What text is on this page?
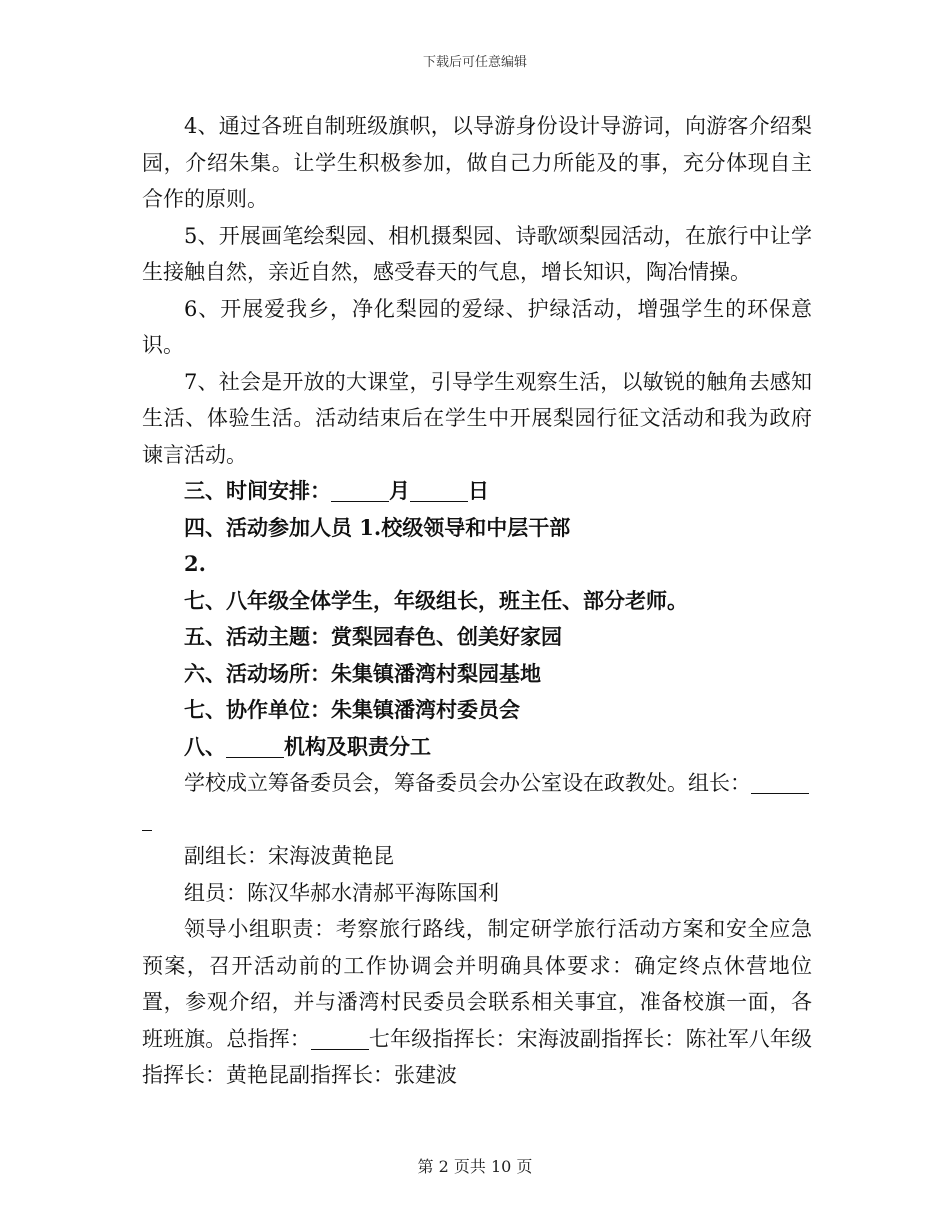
下载后可任意编辑

4、通过各班自制班级旗帜，以导游身份设计导游词，向游客介绍梨园，介绍朱集。让学生积极参加，做自己力所能及的事，充分体现自主合作的原则。

5、开展画笔绘梨园、相机摄梨园、诗歌颂梨园活动，在旅行中让学生接触自然，亲近自然，感受春天的气息，增长知识，陶冶情操。

6、开展爱我乡，净化梨园的爱绿、护绿活动，增强学生的环保意识。

7、社会是开放的大课堂，引导学生观察生活，以敏锐的触角去感知生活、体验生活。活动结束后在学生中开展梨园行征文活动和我为政府谏言活动。

三、时间安排：	月	日

四、活动参加人员 1.校级领导和中层干部

2.

七、八年级全体学生，年级组长，班主任、部分老师。

五、活动主题：赏梨园春色、创美好家园

六、活动场所：朱集镇潘湾村梨园基地

七、协作单位：朱集镇潘湾村委员会

八、	机构及职责分工

学校成立筹备委员会，筹备委员会办公室设在政教处。组长：

副组长：宋海波黄艳昆

组员：陈汉华郝水清郝平海陈国利

领导小组职责：考察旅行路线，制定研学旅行活动方案和安全应急预案，召开活动前的工作协调会并明确具体要求：确定终点休营地位置，参观介绍，并与潘湾村民委员会联系相关事宜，准备校旗一面，各班班旗。总指挥：	七年级指挥长：宋海波副指挥长：陈社军八年级指挥长：黄艳昆副指挥长：张建波

第 2 页共 10 页
